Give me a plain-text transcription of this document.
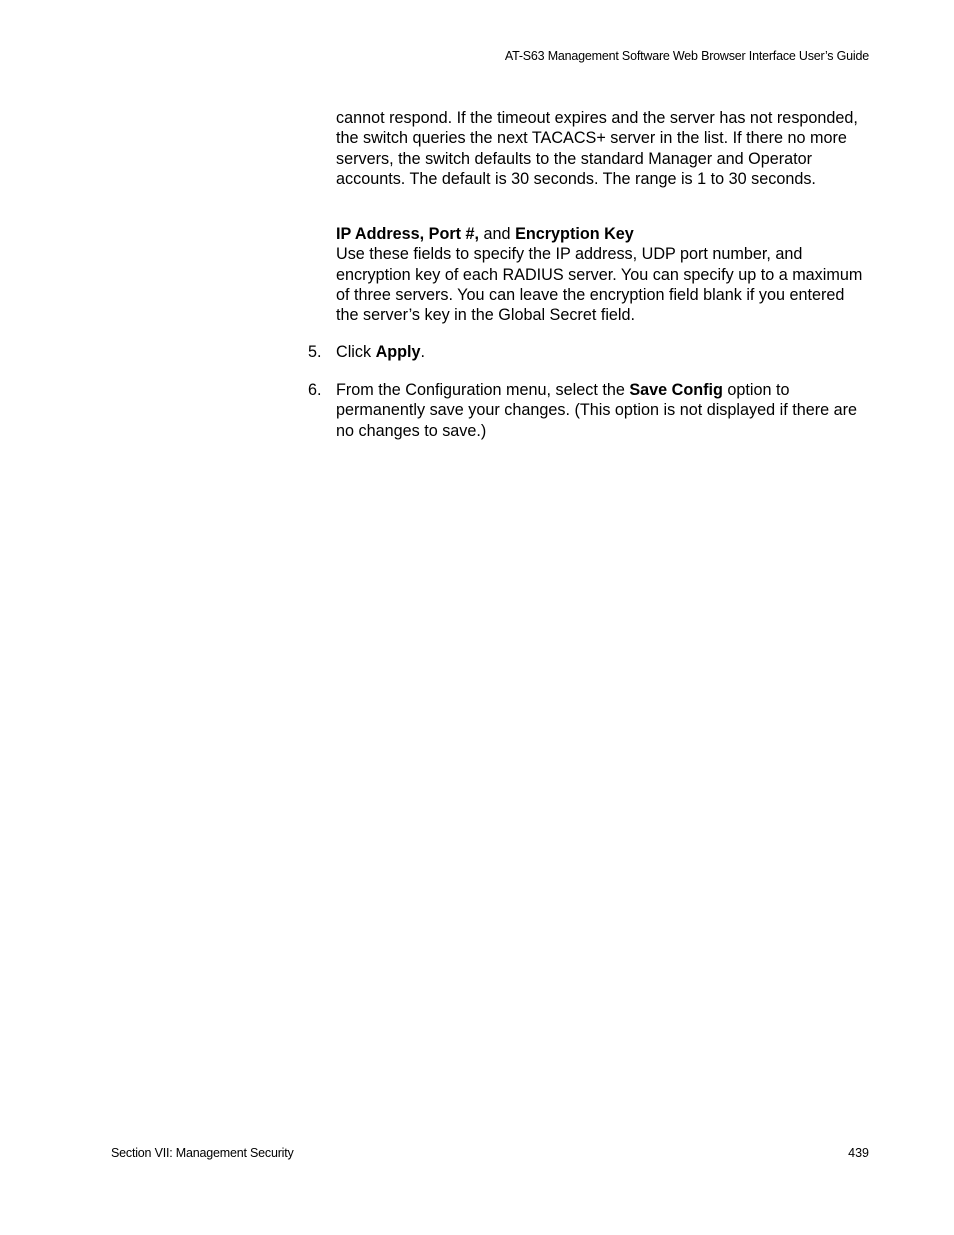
AT-S63 Management Software Web Browser Interface User’s Guide
cannot respond. If the timeout expires and the server has not responded, the switch queries the next TACACS+ server in the list. If there no more servers, the switch defaults to the standard Manager and Operator accounts. The default is 30 seconds. The range is 1 to 30 seconds.
IP Address, Port #, and Encryption Key
Use these fields to specify the IP address, UDP port number, and encryption key of each RADIUS server. You can specify up to a maximum of three servers. You can leave the encryption field blank if you entered the server’s key in the Global Secret field.
5. Click Apply.
6. From the Configuration menu, select the Save Config option to permanently save your changes. (This option is not displayed if there are no changes to save.)
Section VII: Management Security	439
